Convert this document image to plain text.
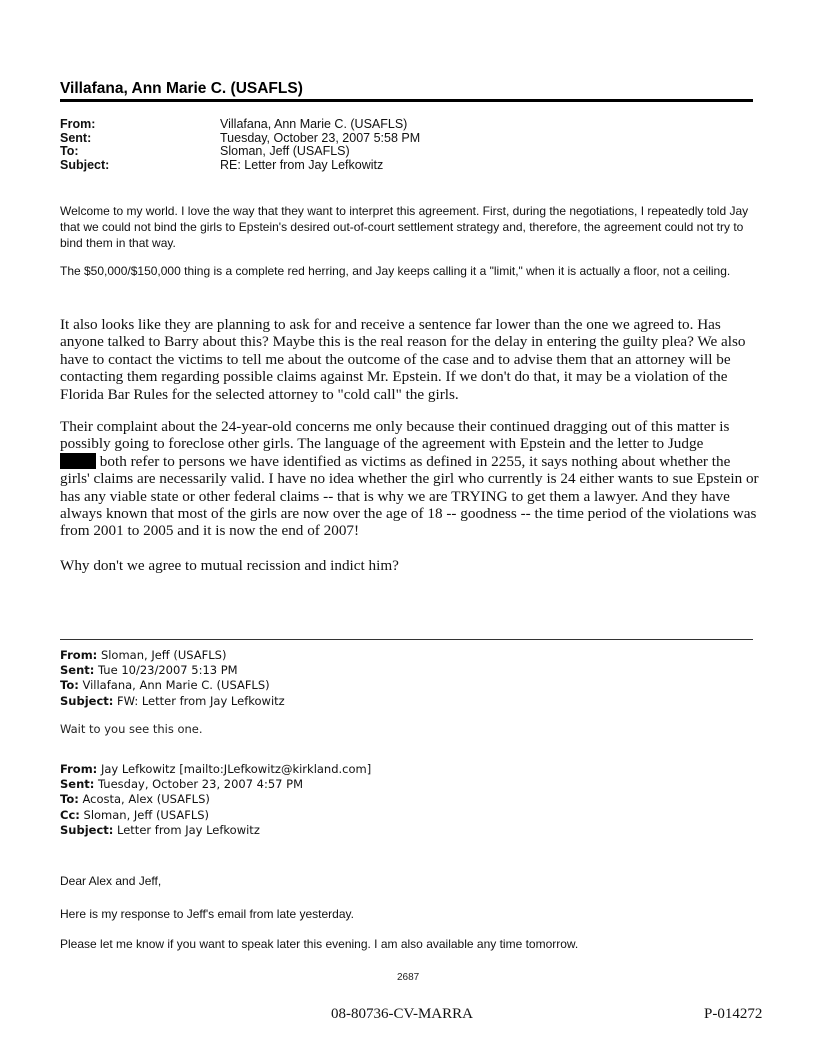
Villafana, Ann Marie C. (USAFLS)
From:	Villafana, Ann Marie C. (USAFLS)
Sent:	Tuesday, October 23, 2007 5:58 PM
To:	Sloman, Jeff (USAFLS)
Subject:	RE: Letter from Jay Lefkowitz
Welcome to my world. I love the way that they want to interpret this agreement. First, during the negotiations, I repeatedly told Jay that we could not bind the girls to Epstein's desired out-of-court settlement strategy and, therefore, the agreement could not try to bind them in that way.
The $50,000/$150,000 thing is a complete red herring, and Jay keeps calling it a "limit," when it is actually a floor, not a ceiling.
It also looks like they are planning to ask for and receive a sentence far lower than the one we agreed to. Has anyone talked to Barry about this? Maybe this is the real reason for the delay in entering the guilty plea? We also have to contact the victims to tell me about the outcome of the case and to advise them that an attorney will be contacting them regarding possible claims against Mr. Epstein. If we don't do that, it may be a violation of the Florida Bar Rules for the selected attorney to "cold call" the girls.
Their complaint about the 24-year-old concerns me only because their continued dragging out of this matter is possibly going to foreclose other girls. The language of the agreement with Epstein and the letter to Judge
both refer to persons we have identified as victims as defined in 2255, it says nothing about whether the girls' claims are necessarily valid. I have no idea whether the girl who currently is 24 either wants to sue Epstein or has any viable state or other federal claims -- that is why we are TRYING to get them a lawyer. And they have always known that most of the girls are now over the age of 18 -- goodness -- the time period of the violations was from 2001 to 2005 and it is now the end of 2007!
Why don't we agree to mutual recission and indict him?
From: Sloman, Jeff (USAFLS)
Sent: Tue 10/23/2007 5:13 PM
To: Villafana, Ann Marie C. (USAFLS)
Subject: FW: Letter from Jay Lefkowitz
Wait to you see this one.
From: Jay Lefkowitz [mailto:JLefkowitz@kirkland.com]
Sent: Tuesday, October 23, 2007 4:57 PM
To: Acosta, Alex (USAFLS)
Cc: Sloman, Jeff (USAFLS)
Subject: Letter from Jay Lefkowitz
Dear Alex and Jeff,
Here is my response to Jeff's email from late yesterday.
Please let me know if you want to speak later this evening. I am also available any time tomorrow.
2687
08-80736-CV-MARRA	P-014272
